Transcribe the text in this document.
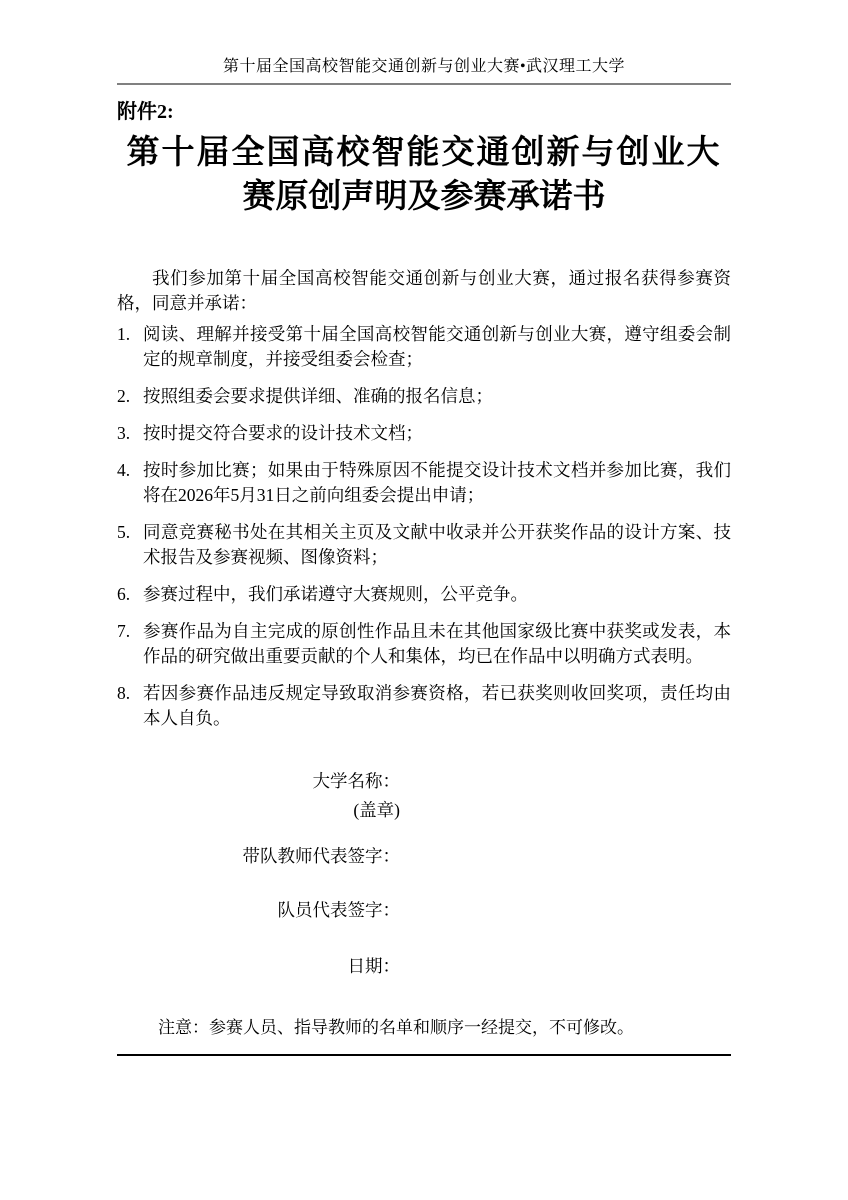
第十届全国高校智能交通创新与创业大赛•武汉理工大学
附件2:
第十届全国高校智能交通创新与创业大
赛原创声明及参赛承诺书
我们参加第十届全国高校智能交通创新与创业大赛，通过报名获得参赛资格，同意并承诺：
1. 阅读、理解并接受第十届全国高校智能交通创新与创业大赛，遵守组委会制定的规章制度，并接受组委会检查；
2. 按照组委会要求提供详细、准确的报名信息；
3. 按时提交符合要求的设计技术文档；
4. 按时参加比赛；如果由于特殊原因不能提交设计技术文档并参加比赛，我们将在2026年5月31日之前向组委会提出申请；
5. 同意竞赛秘书处在其相关主页及文献中收录并公开获奖作品的设计方案、技术报告及参赛视频、图像资料；
6. 参赛过程中，我们承诺遵守大赛规则，公平竞争。
7. 参赛作品为自主完成的原创性作品且未在其他国家级比赛中获奖或发表，本作品的研究做出重要贡献的个人和集体，均已在作品中以明确方式表明。
8. 若因参赛作品违反规定导致取消参赛资格，若已获奖则收回奖项，责任均由本人自负。
大学名称：
(盖章)
带队教师代表签字：
队员代表签字：
日期：
注意：参赛人员、指导教师的名单和顺序一经提交，不可修改。
